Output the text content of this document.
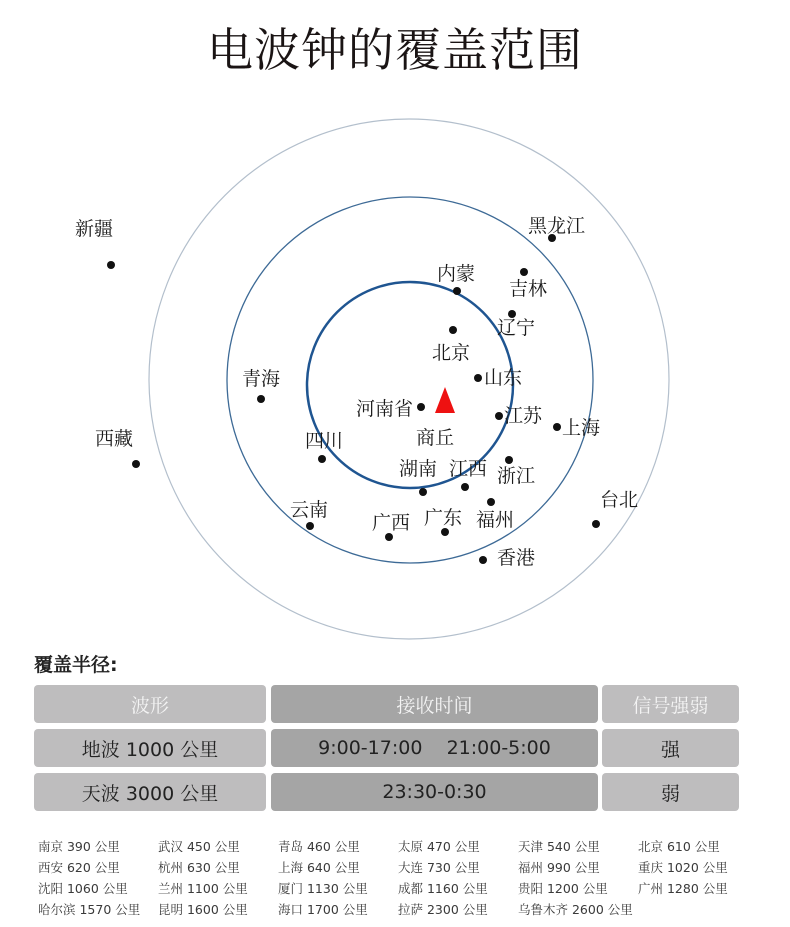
电波钟的覆盖范围
新疆
西藏
青海
四川
云南
广西 广东 福州
香港
湖南 江西 浙江
台北
上海
江苏
山东
北京
辽宁
吉林
黑龙江
内蒙
河南省
商丘
覆盖半径:
波形	接收时间	信号强弱
地波 1000 公里	9:00-17:00    21:00-5:00	强
天波 3000 公里	23:30-0:30	弱
南京 390 公里	武汉 450 公里	青岛 460 公里	太原 470 公里	天津 540 公里	北京 610 公里
西安 620 公里	杭州 630 公里	上海 640 公里	大连 730 公里	福州 990 公里	重庆 1020 公里
沈阳 1060 公里 兰州 1100 公里 厦门 1130 公里 成都 1160 公里 贵阳 1200 公里 广州 1280 公里
哈尔滨 1570 公里 昆明 1600 公里 海口 1700 公里 拉萨 2300 公里 乌鲁木齐 2600 公里
